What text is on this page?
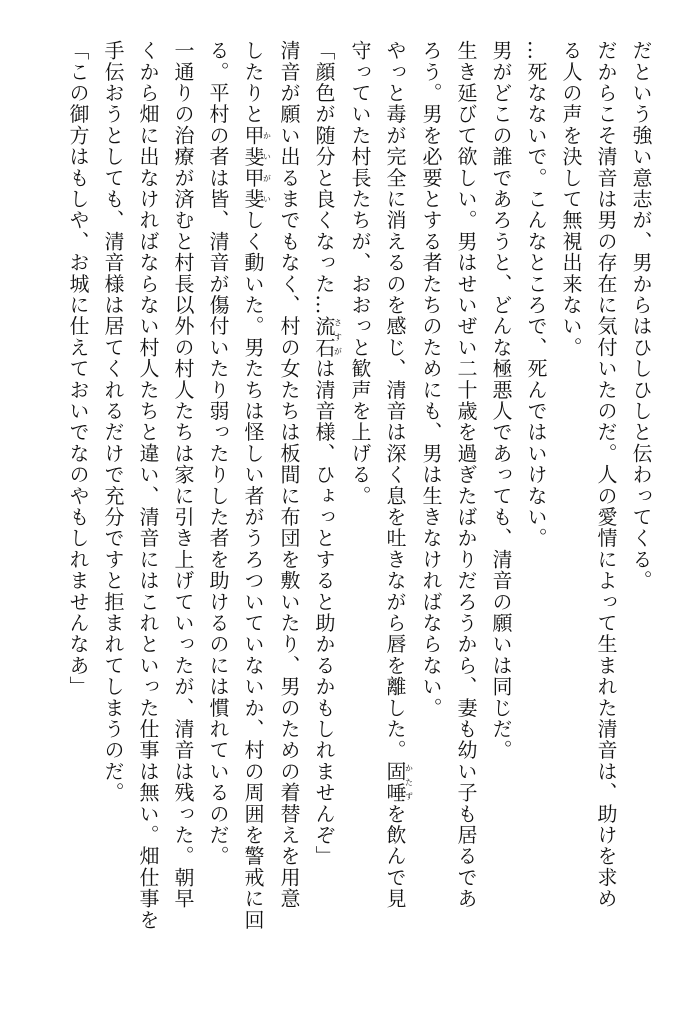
だという強い意志が、男からはひしひしと伝わってくる。

だからこそ清音は男の存在に気付いたのだ。人の愛情によって生まれた清音は、助けを求め

る人の声を決して無視出来ない。

…死なないで。こんなところで、死んではいけない。

男がどこの誰であろうと、どんな極悪人であっても、清音の願いは同じだ。

生き延びて欲しい。男はせいぜい二十歳を過ぎたばかりだろうから、妻も幼い子も居るであ

ろう。男を必要とする者たちのためにも、男は生きなければならない。

やっと毒が完全に消えるのを感じ、清音は深く息を吐きながら唇を離した。固唾かたずを飲んで見

守っていた村長たちが、おおっと歓声を上げる。

「顔色が随分と良くなった…流石さすがは清音様、ひょっとすると助かるかもしれませんぞ」

清音が願い出るまでもなく、村の女たちは板間に布団を敷いたり、男のための着替えを用意

したりと甲斐甲斐かいがいしく動いた。男たちは怪しい者がうろついていないか、村の周囲を警戒に回

る。平村の者は皆、清音が傷付いたり弱ったりした者を助けるのには慣れているのだ。

一通りの治療が済むと村長以外の村人たちは家に引き上げていったが、清音は残った。朝早

くから畑に出なければならない村人たちと違い、清音にはこれといった仕事は無い。畑仕事を

手伝おうとしても、清音様は居てくれるだけで充分ですと拒まれてしまうのだ。

「この御方はもしや、お城に仕えておいでなのやもしれませんなあ」
